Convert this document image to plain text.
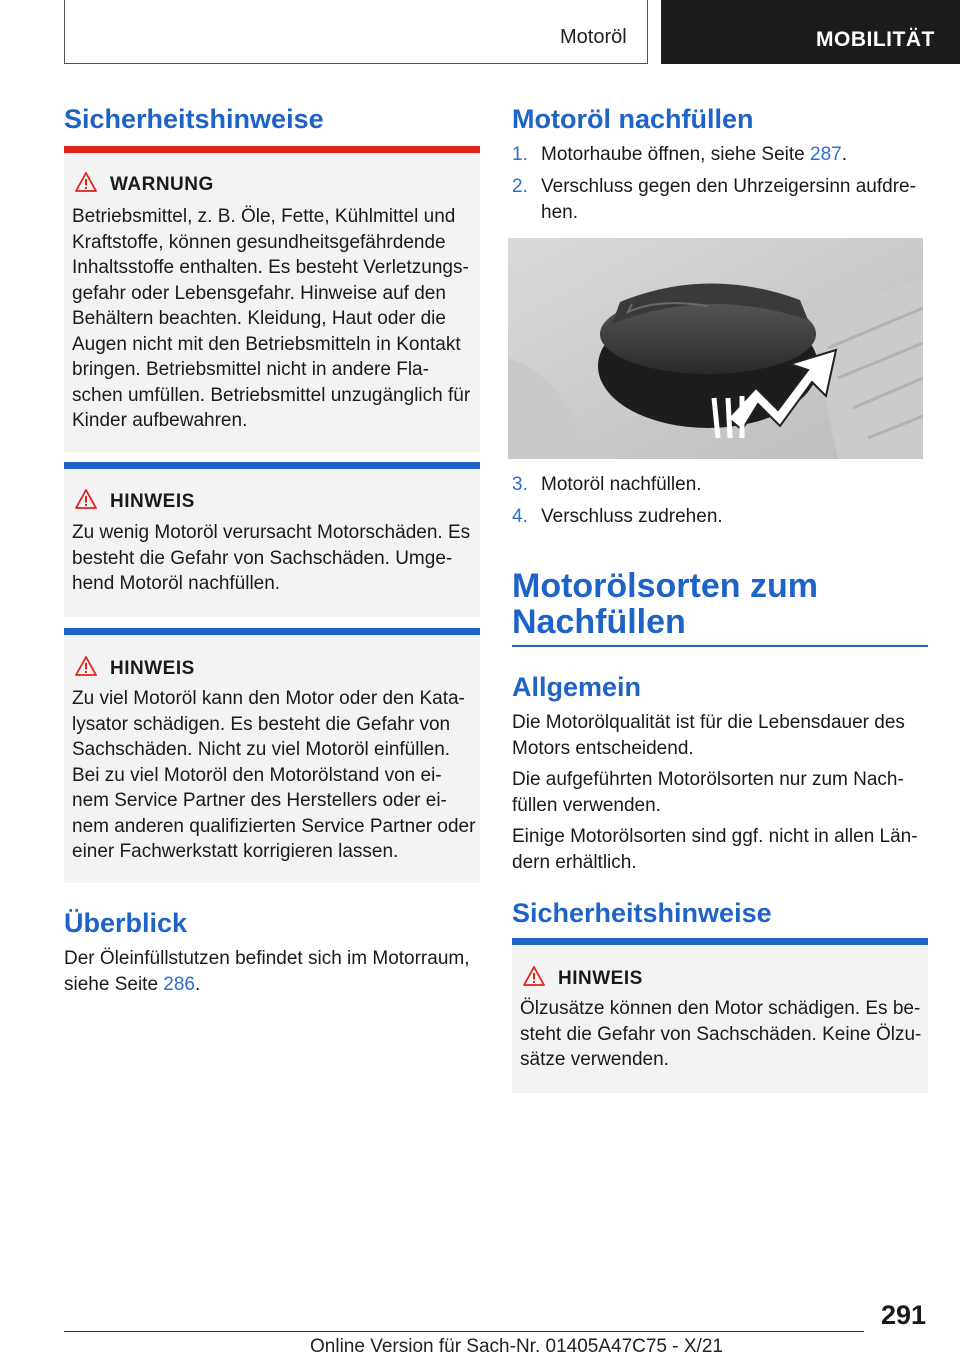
Motoröl	MOBILITÄT
Sicherheitshinweise
WARNUNG
Betriebsmittel, z. B. Öle, Fette, Kühlmittel und
Kraftstoffe, können gesundheitsgefährdende
Inhaltsstoffe enthalten. Es besteht Verletzungs-
gefahr oder Lebensgefahr. Hinweise auf den
Behältern beachten. Kleidung, Haut oder die
Augen nicht mit den Betriebsmitteln in Kontakt
bringen. Betriebsmittel nicht in andere Fla-
schen umfüllen. Betriebsmittel unzugänglich für
Kinder aufbewahren.
HINWEIS
Zu wenig Motoröl verursacht Motorschäden. Es
besteht die Gefahr von Sachschäden. Umge-
hend Motoröl nachfüllen.
HINWEIS
Zu viel Motoröl kann den Motor oder den Kata-
lysator schädigen. Es besteht die Gefahr von
Sachschäden. Nicht zu viel Motoröl einfüllen.
Bei zu viel Motoröl den Motorölstand von ei-
nem Service Partner des Herstellers oder ei-
nem anderen qualifizierten Service Partner oder
einer Fachwerkstatt korrigieren lassen.
Überblick
Der Öleinfüllstutzen befindet sich im Motorraum,
siehe Seite 286.
Motoröl nachfüllen
1. Motorhaube öffnen, siehe Seite 287.
2. Verschluss gegen den Uhrzeigersinn aufdre-
hen.
3. Motoröl nachfüllen.
4. Verschluss zudrehen.
Motorölsorten zum
Nachfüllen
Allgemein
Die Motorölqualität ist für die Lebensdauer des
Motors entscheidend.
Die aufgeführten Motorölsorten nur zum Nach-
füllen verwenden.
Einige Motorölsorten sind ggf. nicht in allen Län-
dern erhältlich.
Sicherheitshinweise
HINWEIS
Ölzusätze können den Motor schädigen. Es be-
steht die Gefahr von Sachschäden. Keine Ölzu-
sätze verwenden.
291
Online Version für Sach-Nr. 01405A47C75 - X/21
